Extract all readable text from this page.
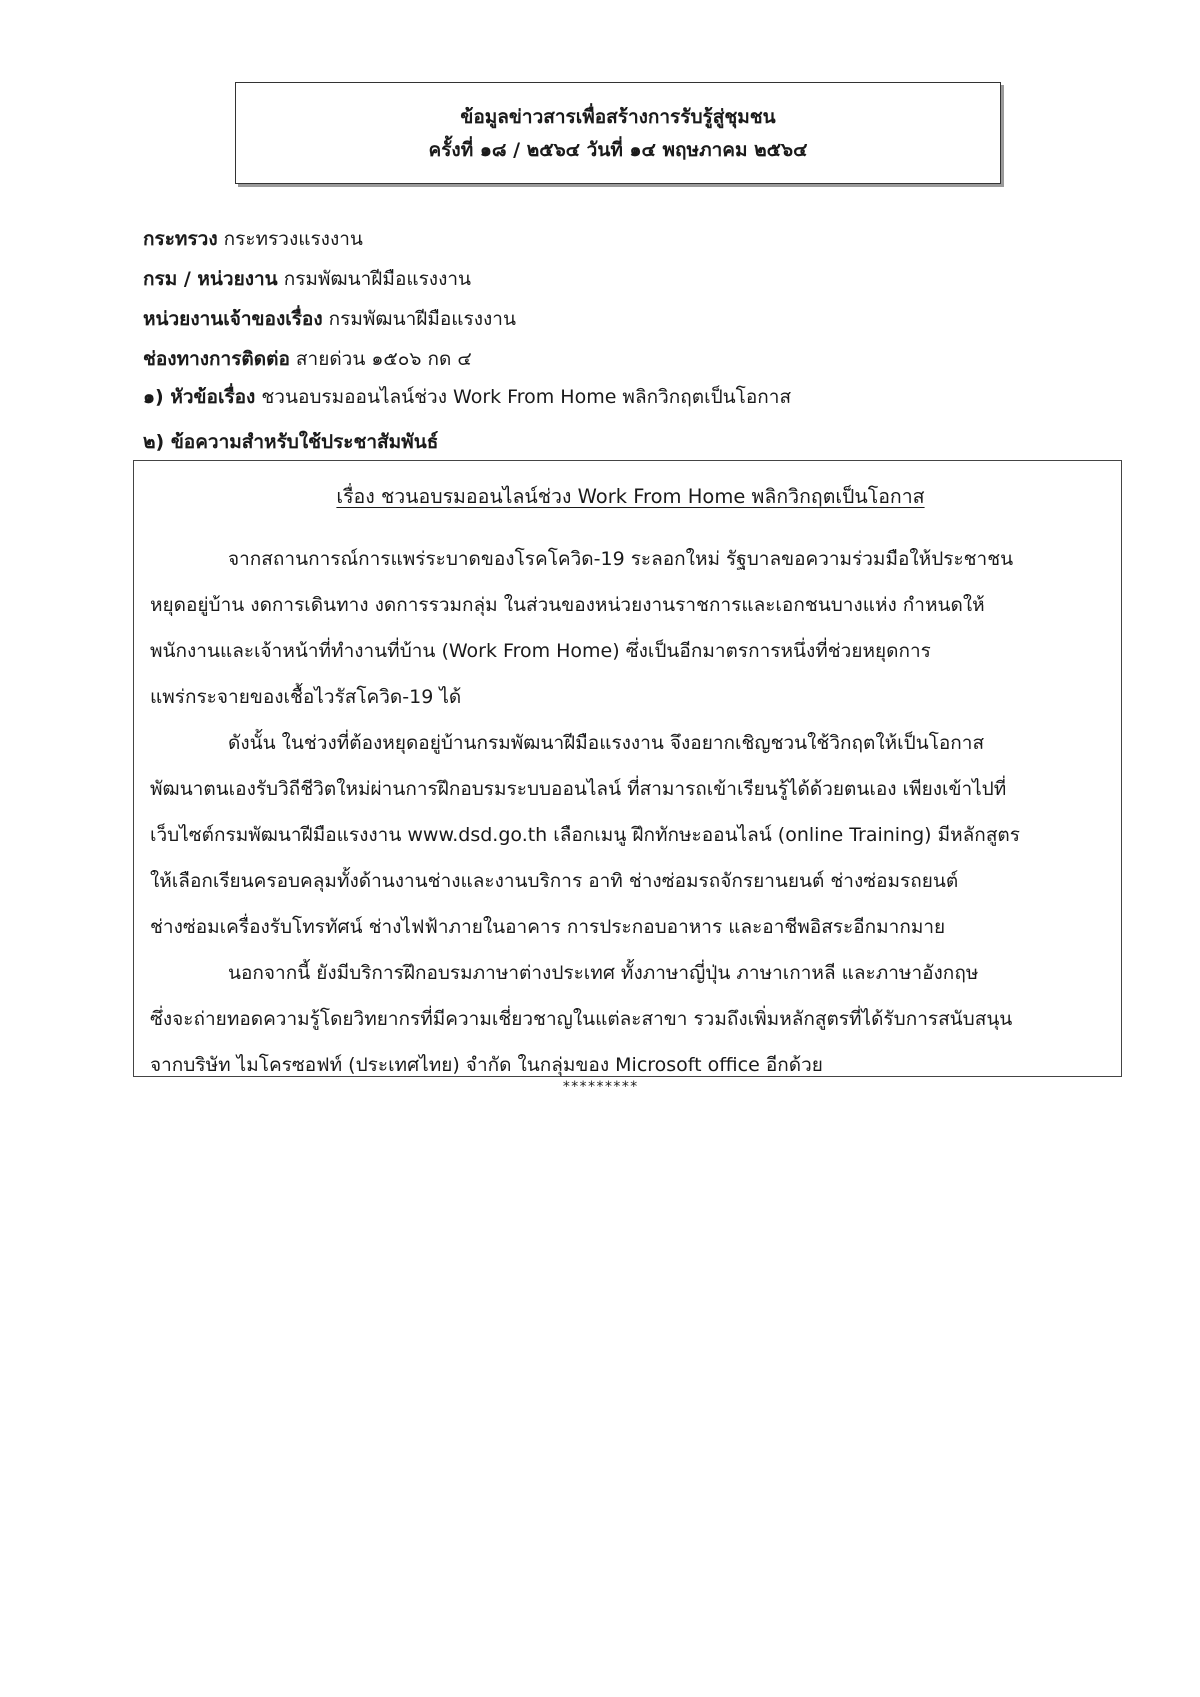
ข้อมูลข่าวสารเพื่อสร้างการรับรู้สู่ชุมชน

ครั้งที่ ๑๘ / ๒๕๖๔ วันที่ ๑๔ พฤษภาคม ๒๕๖๔

กระทรวง กระทรวงแรงงาน
กรม / หน่วยงาน กรมพัฒนาฝีมือแรงงาน
หน่วยงานเจ้าของเรื่อง กรมพัฒนาฝีมือแรงงาน
ช่องทางการติดต่อ สายด่วน ๑๕๐๖ กด ๔
๑) หัวข้อเรื่อง ชวนอบรมออนไลน์ช่วง Work From Home พลิกวิกฤตเป็นโอกาส
๒) ข้อความสำหรับใช้ประชาสัมพันธ์

เรื่อง ชวนอบรมออนไลน์ช่วง Work From Home พลิกวิกฤตเป็นโอกาส

จากสถานการณ์การแพร่ระบาดของโรคโควิด-19 ระลอกใหม่ รัฐบาลขอความร่วมมือให้ประชาชน
หยุดอยู่บ้าน งดการเดินทาง งดการรวมกลุ่ม ในส่วนของหน่วยงานราชการและเอกชนบางแห่ง กำหนดให้
พนักงานและเจ้าหน้าที่ทำงานที่บ้าน (Work From Home) ซึ่งเป็นอีกมาตรการหนึ่งที่ช่วยหยุดการ
แพร่กระจายของเชื้อไวรัสโควิด-19 ได้
ดังนั้น ในช่วงที่ต้องหยุดอยู่บ้านกรมพัฒนาฝีมือแรงงาน จึงอยากเชิญชวนใช้วิกฤตให้เป็นโอกาส
พัฒนาตนเองรับวิถีชีวิตใหม่ผ่านการฝึกอบรมระบบออนไลน์ ที่สามารถเข้าเรียนรู้ได้ด้วยตนเอง เพียงเข้าไปที่
เว็บไซต์กรมพัฒนาฝีมือแรงงาน www.dsd.go.th เลือกเมนู ฝึกทักษะออนไลน์ (online Training) มีหลักสูตร
ให้เลือกเรียนครอบคลุมทั้งด้านงานช่างและงานบริการ อาทิ ช่างซ่อมรถจักรยานยนต์ ช่างซ่อมรถยนต์
ช่างซ่อมเครื่องรับโทรทัศน์ ช่างไฟฟ้าภายในอาคาร การประกอบอาหาร และอาชีพอิสระอีกมากมาย
นอกจากนี้ ยังมีบริการฝึกอบรมภาษาต่างประเทศ ทั้งภาษาญี่ปุ่น ภาษาเกาหลี และภาษาอังกฤษ
ซึ่งจะถ่ายทอดความรู้โดยวิทยากรที่มีความเชี่ยวชาญในแต่ละสาขา รวมถึงเพิ่มหลักสูตรที่ได้รับการสนับสนุน
จากบริษัท ไมโครซอฟท์ (ประเทศไทย) จำกัด ในกลุ่มของ Microsoft office อีกด้วย
*********
